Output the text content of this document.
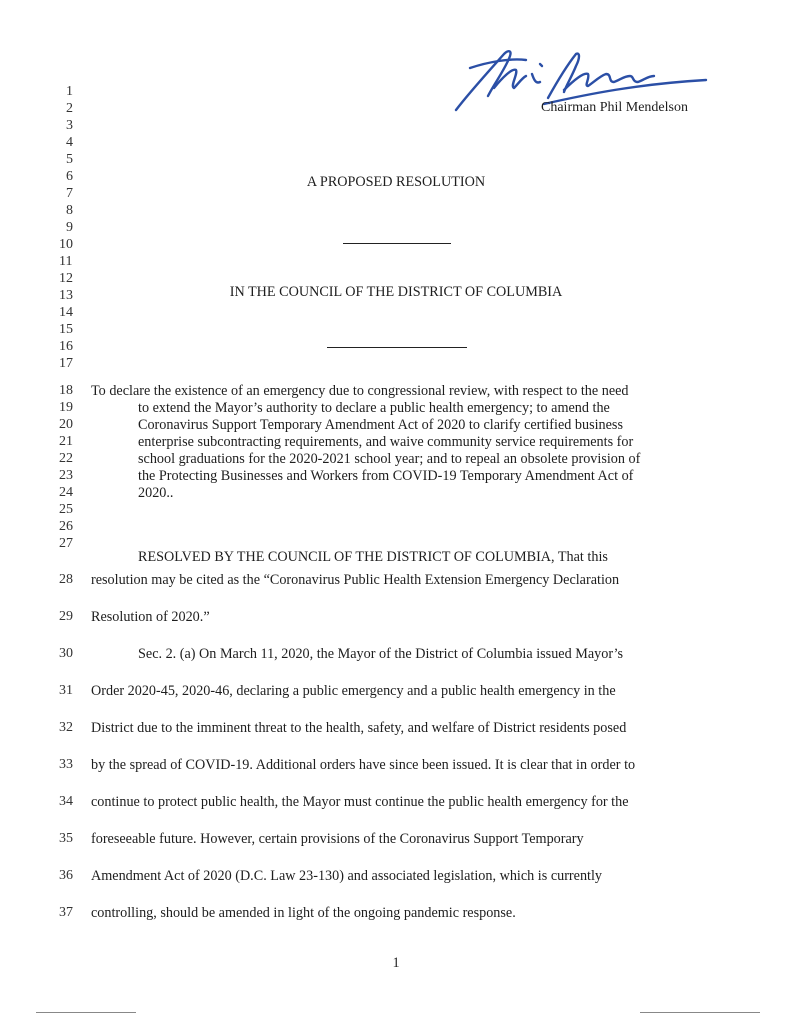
Chairman Phil Mendelson
1
2
3
4
5
6
7
8
9
10
11
12
13
14
15
16
17
18
19
20
21
22
23
24
25
26
27
28
29
30
31
32
33
34
35
36
37
A PROPOSED RESOLUTION
IN THE COUNCIL OF THE DISTRICT OF COLUMBIA
To declare the existence of an emergency due to congressional review, with respect to the need
to extend the Mayor’s authority to declare a public health emergency; to amend the
Coronavirus Support Temporary Amendment Act of 2020 to clarify certified business
enterprise subcontracting requirements, and waive community service requirements for
school graduations for the 2020-2021 school year; and to repeal an obsolete provision of
the Protecting Businesses and Workers from COVID-19 Temporary Amendment Act of
2020..
RESOLVED BY THE COUNCIL OF THE DISTRICT OF COLUMBIA, That this
resolution may be cited as the “Coronavirus Public Health Extension Emergency Declaration
Resolution of 2020.”
Sec. 2. (a) On March 11, 2020, the Mayor of the District of Columbia issued Mayor’s
Order 2020-45, 2020-46, declaring a public emergency and a public health emergency in the
District due to the imminent threat to the health, safety, and welfare of District residents posed
by the spread of COVID-19. Additional orders have since been issued. It is clear that in order to
continue to protect public health, the Mayor must continue the public health emergency for the
foreseeable future. However, certain provisions of the Coronavirus Support Temporary
Amendment Act of 2020 (D.C. Law 23-130) and associated legislation, which is currently
controlling, should be amended in light of the ongoing pandemic response.
1
